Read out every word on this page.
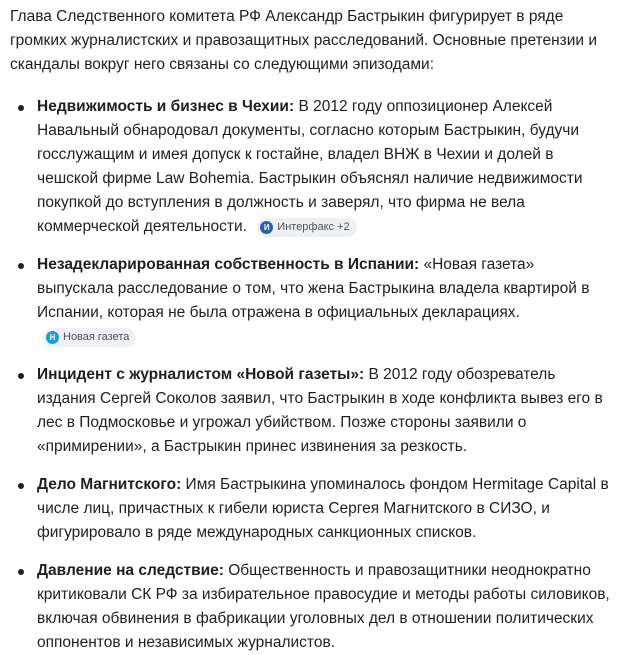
Глава Следственного комитета РФ Александр Бастрыкин фигурирует в ряде громких журналистских и правозащитных расследований. Основные претензии и скандалы вокруг него связаны со следующими эпизодами:

Недвижимость и бизнес в Чехии: В 2012 году оппозиционер Алексей Навальный обнародовал документы, согласно которым Бастрыкин, будучи госслужащим и имея допуск к гостайне, владел ВНЖ в Чехии и долей в чешской фирме Law Bohemia. Бастрыкин объяснял наличие недвижимости покупкой до вступления в должность и заверял, что фирма не вела коммерческой деятельности.	И Интерфакс +2
Незадекларированная собственность в Испании: «Новая газета» выпускала расследование о том, что жена Бастрыкина владела квартирой в Испании, которая не была отражена в официальных декларациях.
Н Новая газета
Инцидент с журналистом «Новой газеты»: В 2012 году обозреватель издания Сергей Соколов заявил, что Бастрыкин в ходе конфликта вывез его в лес в Подмосковье и угрожал убийством. Позже стороны заявили о «примирении», а Бастрыкин принес извинения за резкость.
Дело Магнитского: Имя Бастрыкина упоминалось фондом Hermitage Capital в числе лиц, причастных к гибели юриста Сергея Магнитского в СИЗО, и фигурировало в ряде международных санкционных списков.
Давление на следствие: Общественность и правозащитники неоднократно критиковали СК РФ за избирательное правосудие и методы работы силовиков, включая обвинения в фабрикации уголовных дел в отношении политических оппонентов и независимых журналистов.
